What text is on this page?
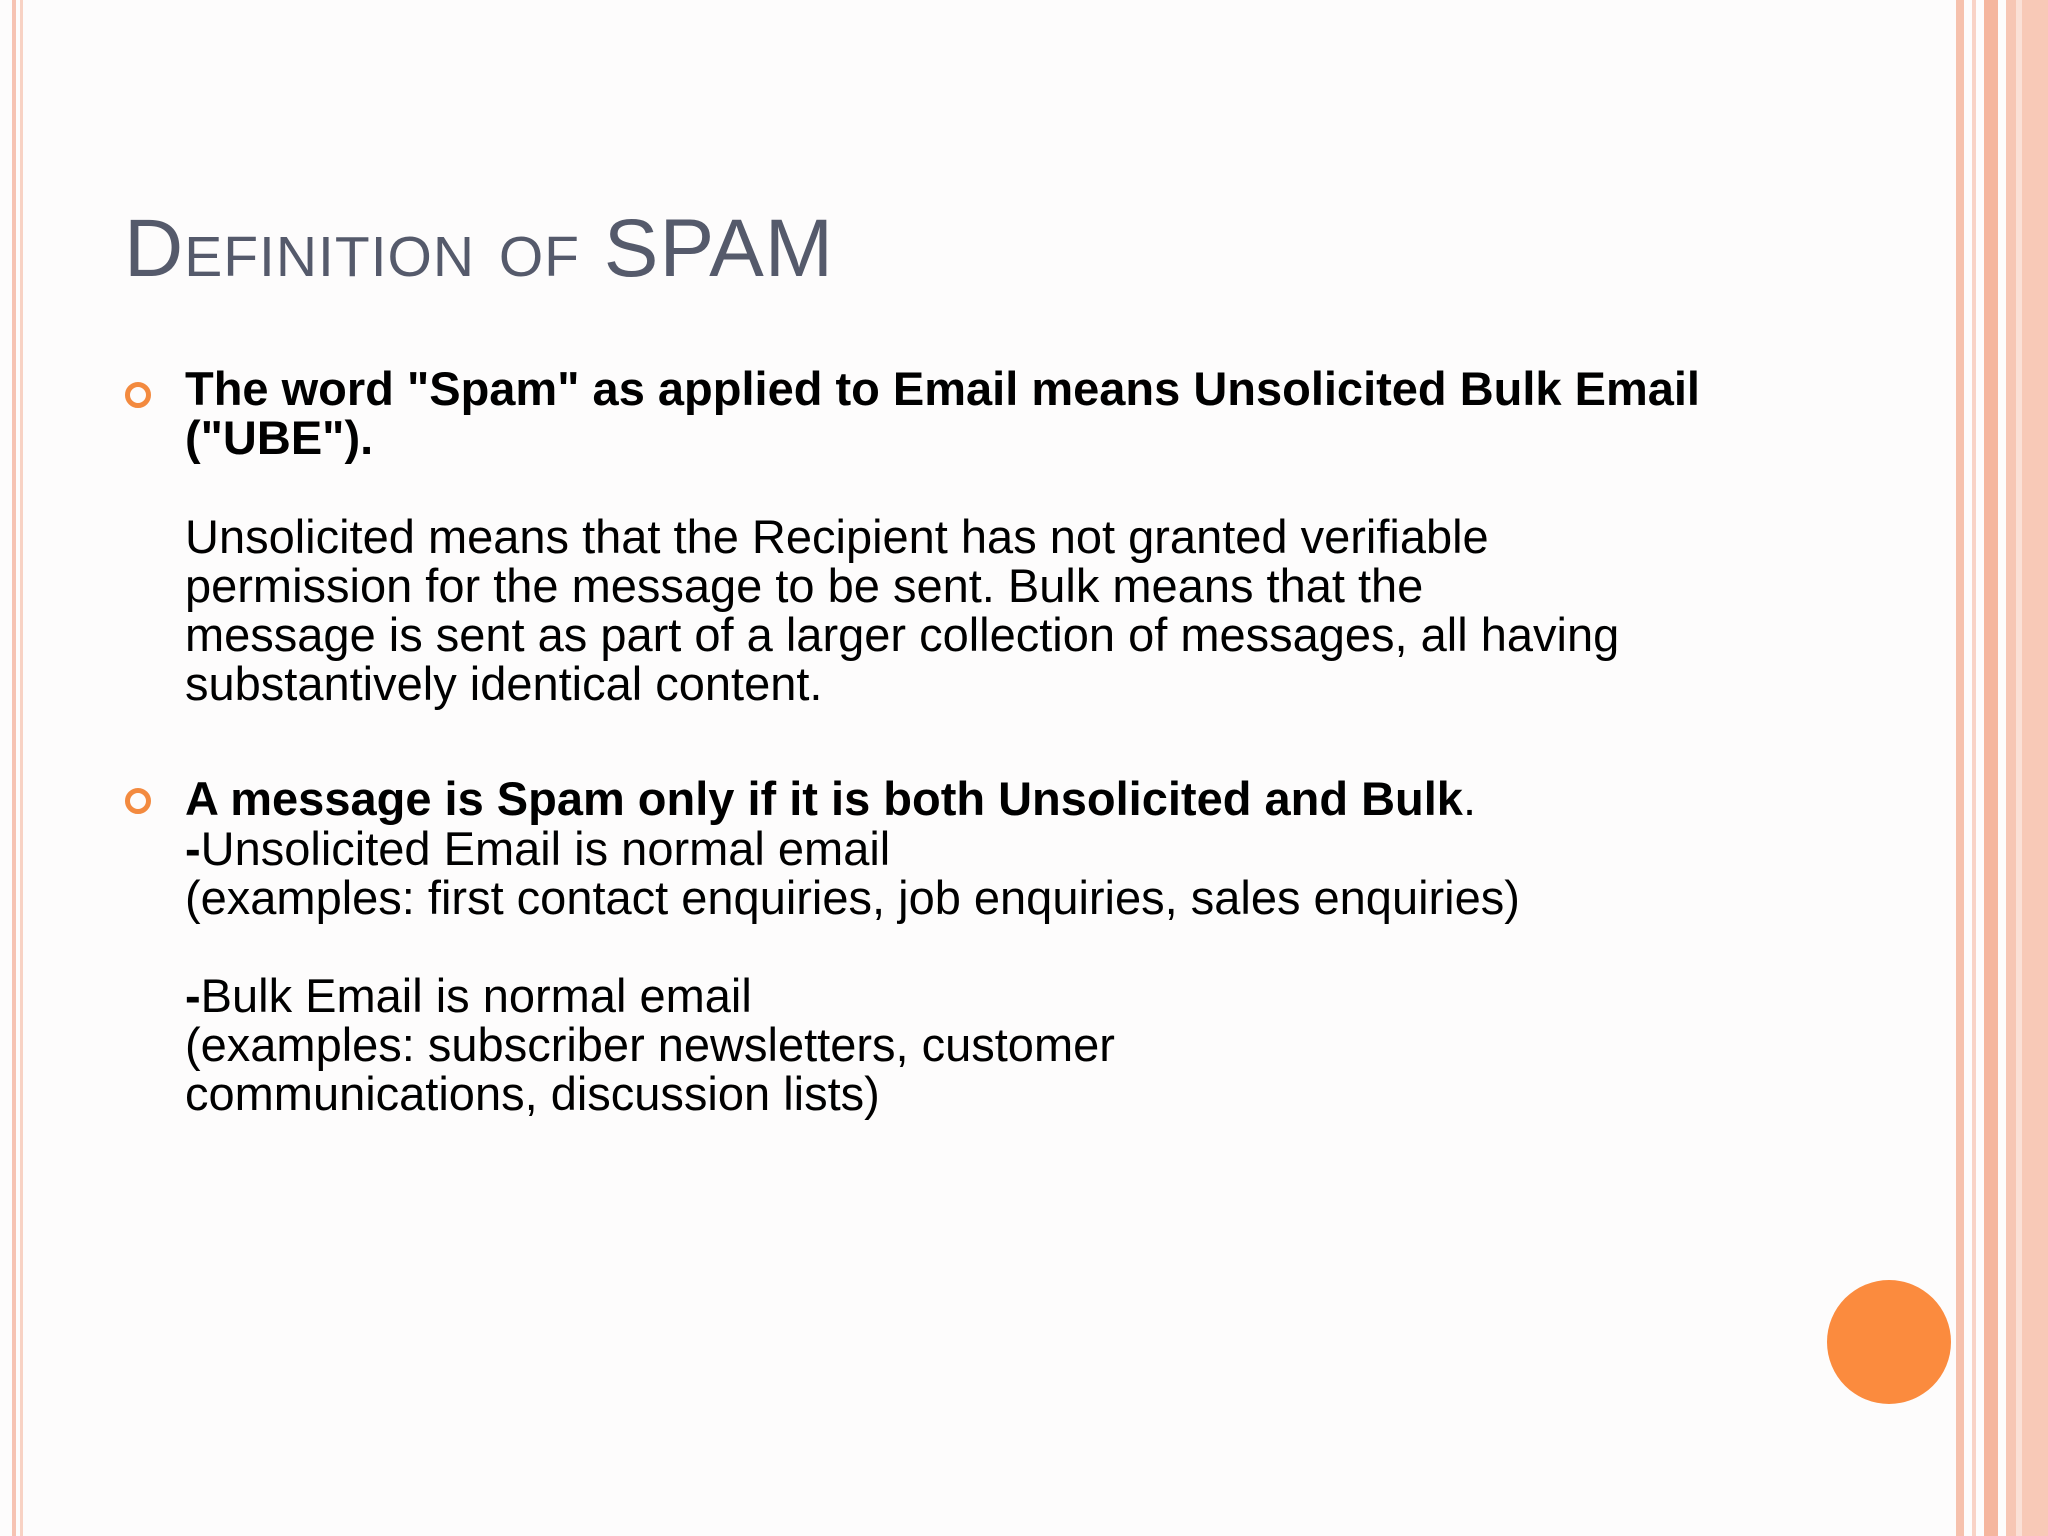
Definition of SPAM
The word "Spam" as applied to Email means Unsolicited Bulk Email ("UBE").
Unsolicited means that the Recipient has not granted verifiable
permission for the message to be sent. Bulk means that the
message is sent as part of a larger collection of messages, all having
substantively identical content.
A message is Spam only if it is both Unsolicited and Bulk.
-Unsolicited Email is normal email
(examples: first contact enquiries, job enquiries, sales enquiries)
-Bulk Email is normal email
(examples: subscriber newsletters, customer
communications, discussion lists)
